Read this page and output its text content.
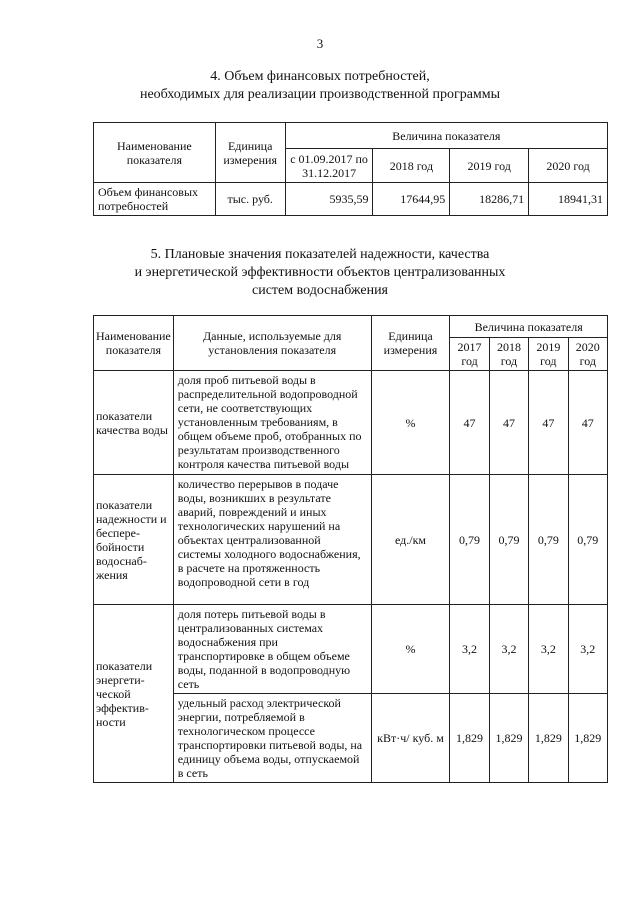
3
4. Объем финансовых потребностей,
необходимых для реализации производственной программы
Наименование показателя	Единица измерения	Величина показателя			
		с 01.09.2017 по 31.12.2017	2018 год	2019 год	2020 год
Объем финансовых потребностей	тыс. руб.	5935,59	17644,95	18286,71	18941,31
5. Плановые значения показателей надежности, качества
и энергетической эффективности объектов централизованных
систем водоснабжения
Наименование показателя	Данные, используемые для установления показателя	Единица измерения	Величина показателя			
			2017 год	2018 год	2019 год	2020 год
показатели качества воды	доля проб питьевой воды в распределительной водопроводной сети, не соответствующих установленным требованиям, в общем объеме проб, отобранных по результатам производственного контроля качества питьевой воды	%	47	47	47	47
показатели надежности и беспере-бойности водоснаб-жения	количество перерывов в подаче воды, возникших в результате аварий, повреждений и иных технологических нарушений на объектах централизованной системы холодного водоснабжения, в расчете на протяженность водопроводной сети в год	ед./км	0,79	0,79	0,79	0,79
показатели энергети-ческой эффектив-ности	доля потерь питьевой воды в централизованных системах водоснабжения при транспортировке в общем объеме воды, поданной в водопроводную сеть	%	3,2	3,2	3,2	3,2
	удельный расход электрической энергии, потребляемой в технологическом процессе транспортировки питьевой воды, на единицу объема воды, отпускаемой в сеть	кВт·ч/ куб. м	1,829	1,829	1,829	1,829
